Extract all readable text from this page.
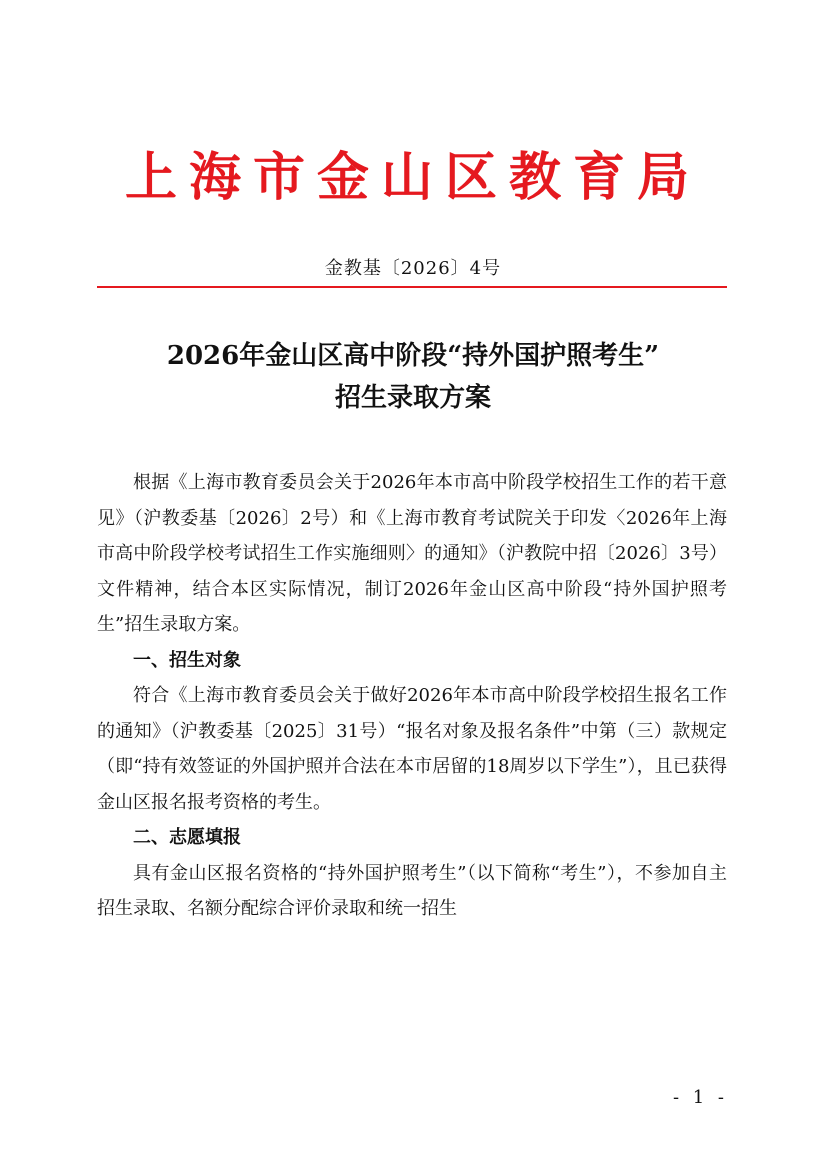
上海市金山区教育局
金教基〔2026〕4号
2026年金山区高中阶段“持外国护照考生”
招生录取方案

根据《上海市教育委员会关于2026年本市高中阶段学校招生工作的若干意见》（沪教委基〔2026〕2号）和《上海市教育考试院关于印发〈2026年上海市高中阶段学校考试招生工作实施细则〉的通知》（沪教院中招〔2026〕3号）文件精神，结合本区实际情况，制订2026年金山区高中阶段“持外国护照考生”招生录取方案。

一、招生对象

符合《上海市教育委员会关于做好2026年本市高中阶段学校招生报名工作的通知》（沪教委基〔2025〕31号）“报名对象及报名条件”中第（三）款规定（即“持有效签证的外国护照并合法在本市居留的18周岁以下学生”），且已获得金山区报名报考资格的考生。

二、志愿填报

具有金山区报名资格的“持外国护照考生”（以下简称“考生”），不参加自主招生录取、名额分配综合评价录取和统一招生

- 1 -
